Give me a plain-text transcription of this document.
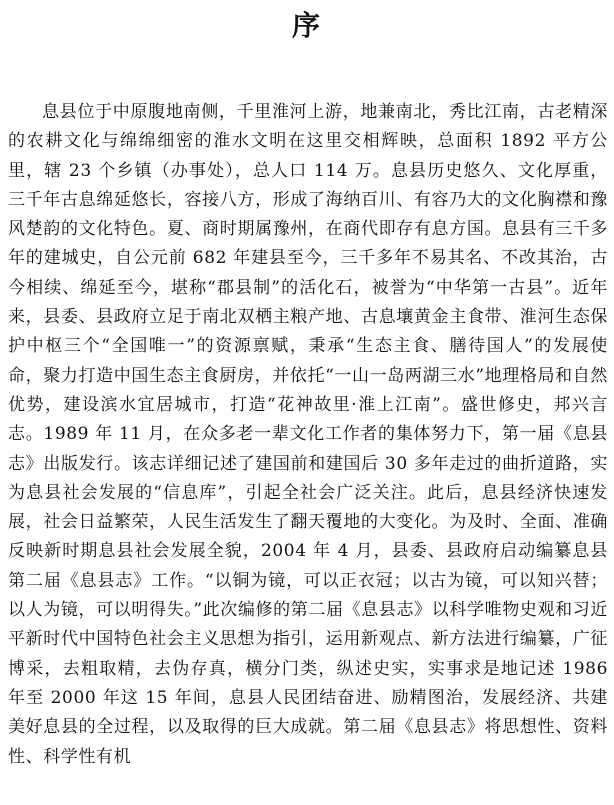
序

息县位于中原腹地南侧，千里淮河上游，地兼南北，秀比江南，古老精深的农耕文化与绵绵细密的淮水文明在这里交相辉映，总面积 1892 平方公里，辖 23 个乡镇（办事处），总人口 114 万。息县历史悠久、文化厚重，三千年古息绵延悠长，容接八方，形成了海纳百川、有容乃大的文化胸襟和豫风楚韵的文化特色。夏、商时期属豫州，在商代即存有息方国。息县有三千多年的建城史，自公元前 682 年建县至今，三千多年不易其名、不改其治，古今相续、绵延至今，堪称“郡县制”的活化石，被誉为“中华第一古县”。近年来，县委、县政府立足于南北双栖主粮产地、古息壤黄金主食带、淮河生态保护中枢三个“全国唯一”的资源禀赋，秉承“生态主食、膳待国人”的发展使命，聚力打造中国生态主食厨房，并依托“一山一岛两湖三水”地理格局和自然优势，建设滨水宜居城市，打造“花神故里·淮上江南”。盛世修史，邦兴言志。1989 年 11 月，在众多老一辈文化工作者的集体努力下，第一届《息县志》出版发行。该志详细记述了建国前和建国后 30 多年走过的曲折道路，实为息县社会发展的“信息库”，引起全社会广泛关注。此后，息县经济快速发展，社会日益繁荣，人民生活发生了翻天覆地的大变化。为及时、全面、准确反映新时期息县社会发展全貌，2004 年 4 月，县委、县政府启动编纂息县第二届《息县志》工作。“以铜为镜，可以正衣冠；以古为镜，可以知兴替；以人为镜，可以明得失。”此次编修的第二届《息县志》以科学唯物史观和习近平新时代中国特色社会主义思想为指引，运用新观点、新方法进行编纂，广征博采，去粗取精，去伪存真，横分门类，纵述史实，实事求是地记述 1986 年至 2000 年这 15 年间，息县人民团结奋进、励精图治，发展经济、共建美好息县的全过程，以及取得的巨大成就。第二届《息县志》将思想性、资料性、科学性有机
